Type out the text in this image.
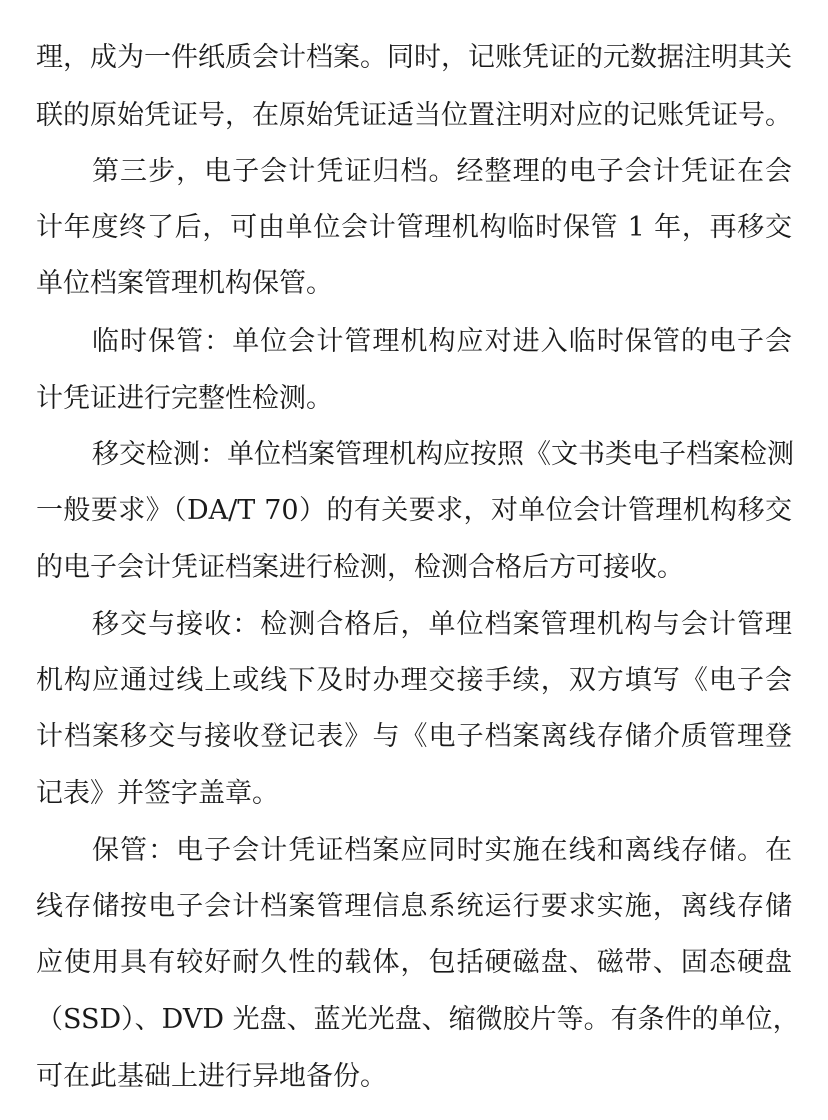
理，成为一件纸质会计档案。同时，记账凭证的元数据注明其关
联的原始凭证号，在原始凭证适当位置注明对应的记账凭证号。
第三步，电子会计凭证归档。经整理的电子会计凭证在会
计年度终了后，可由单位会计管理机构临时保管 1 年，再移交
单位档案管理机构保管。
临时保管：单位会计管理机构应对进入临时保管的电子会
计凭证进行完整性检测。
移交检测：单位档案管理机构应按照《文书类电子档案检测
一般要求》（DA/T 70）的有关要求，对单位会计管理机构移交
的电子会计凭证档案进行检测，检测合格后方可接收。
移交与接收：检测合格后，单位档案管理机构与会计管理
机构应通过线上或线下及时办理交接手续，双方填写《电子会
计档案移交与接收登记表》与《电子档案离线存储介质管理登
记表》并签字盖章。
保管：电子会计凭证档案应同时实施在线和离线存储。在
线存储按电子会计档案管理信息系统运行要求实施，离线存储
应使用具有较好耐久性的载体，包括硬磁盘、磁带、固态硬盘
（SSD）、DVD 光盘、蓝光光盘、缩微胶片等。有条件的单位，
可在此基础上进行异地备份。
